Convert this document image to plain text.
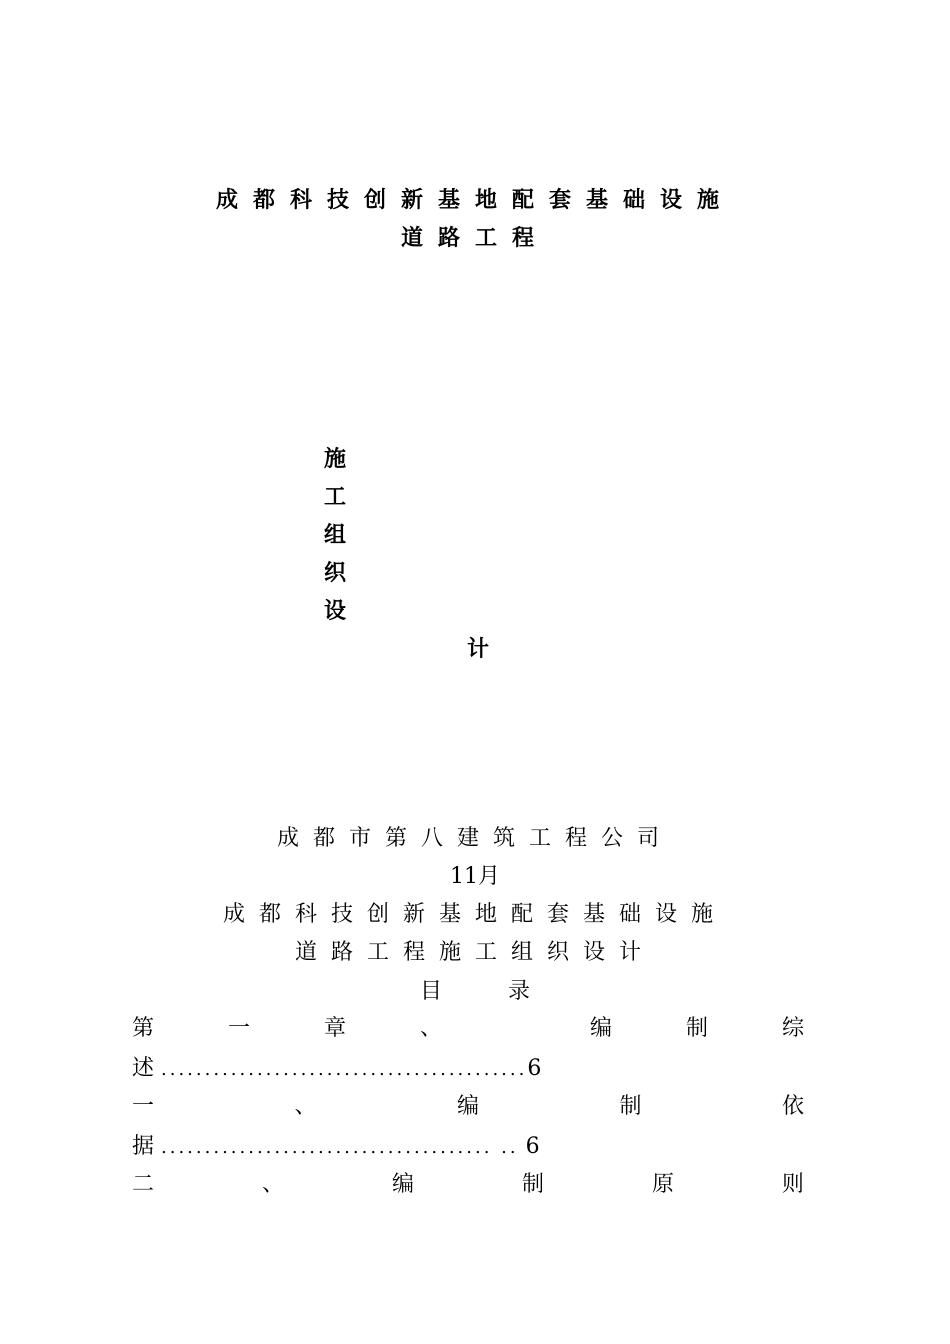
成都科技创新基地配套基础设施
道路工程
施
工
组
织
设
计
成都市第八建筑工程公司
11月
成都科技创新基地配套基础设施
道路工程施工组织设计
目	录
第	一	章	、	编	制	综
述 ..........................................6
一	、	编	制	依
据 ...................................... .. 6
二	、	编	制	原	则
